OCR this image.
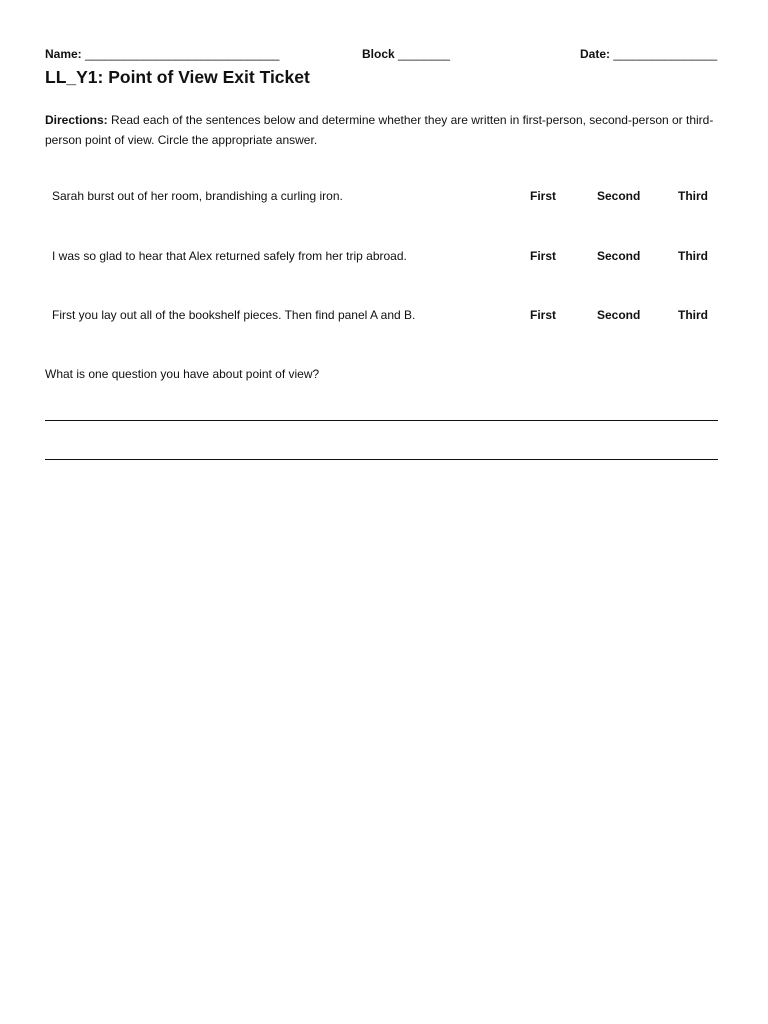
Name: ______________________________	Block ________	Date: ________________
LL_Y1: Point of View Exit Ticket
Directions: Read each of the sentences below and determine whether they are written in first-person, second-person or third-person point of view. Circle the appropriate answer.
Sarah burst out of her room, brandishing a curling iron.	First	Second	Third
I was so glad to hear that Alex returned safely from her trip abroad.	First	Second	Third
First you lay out all of the bookshelf pieces. Then find panel A and B.	First	Second	Third
What is one question you have about point of view?
